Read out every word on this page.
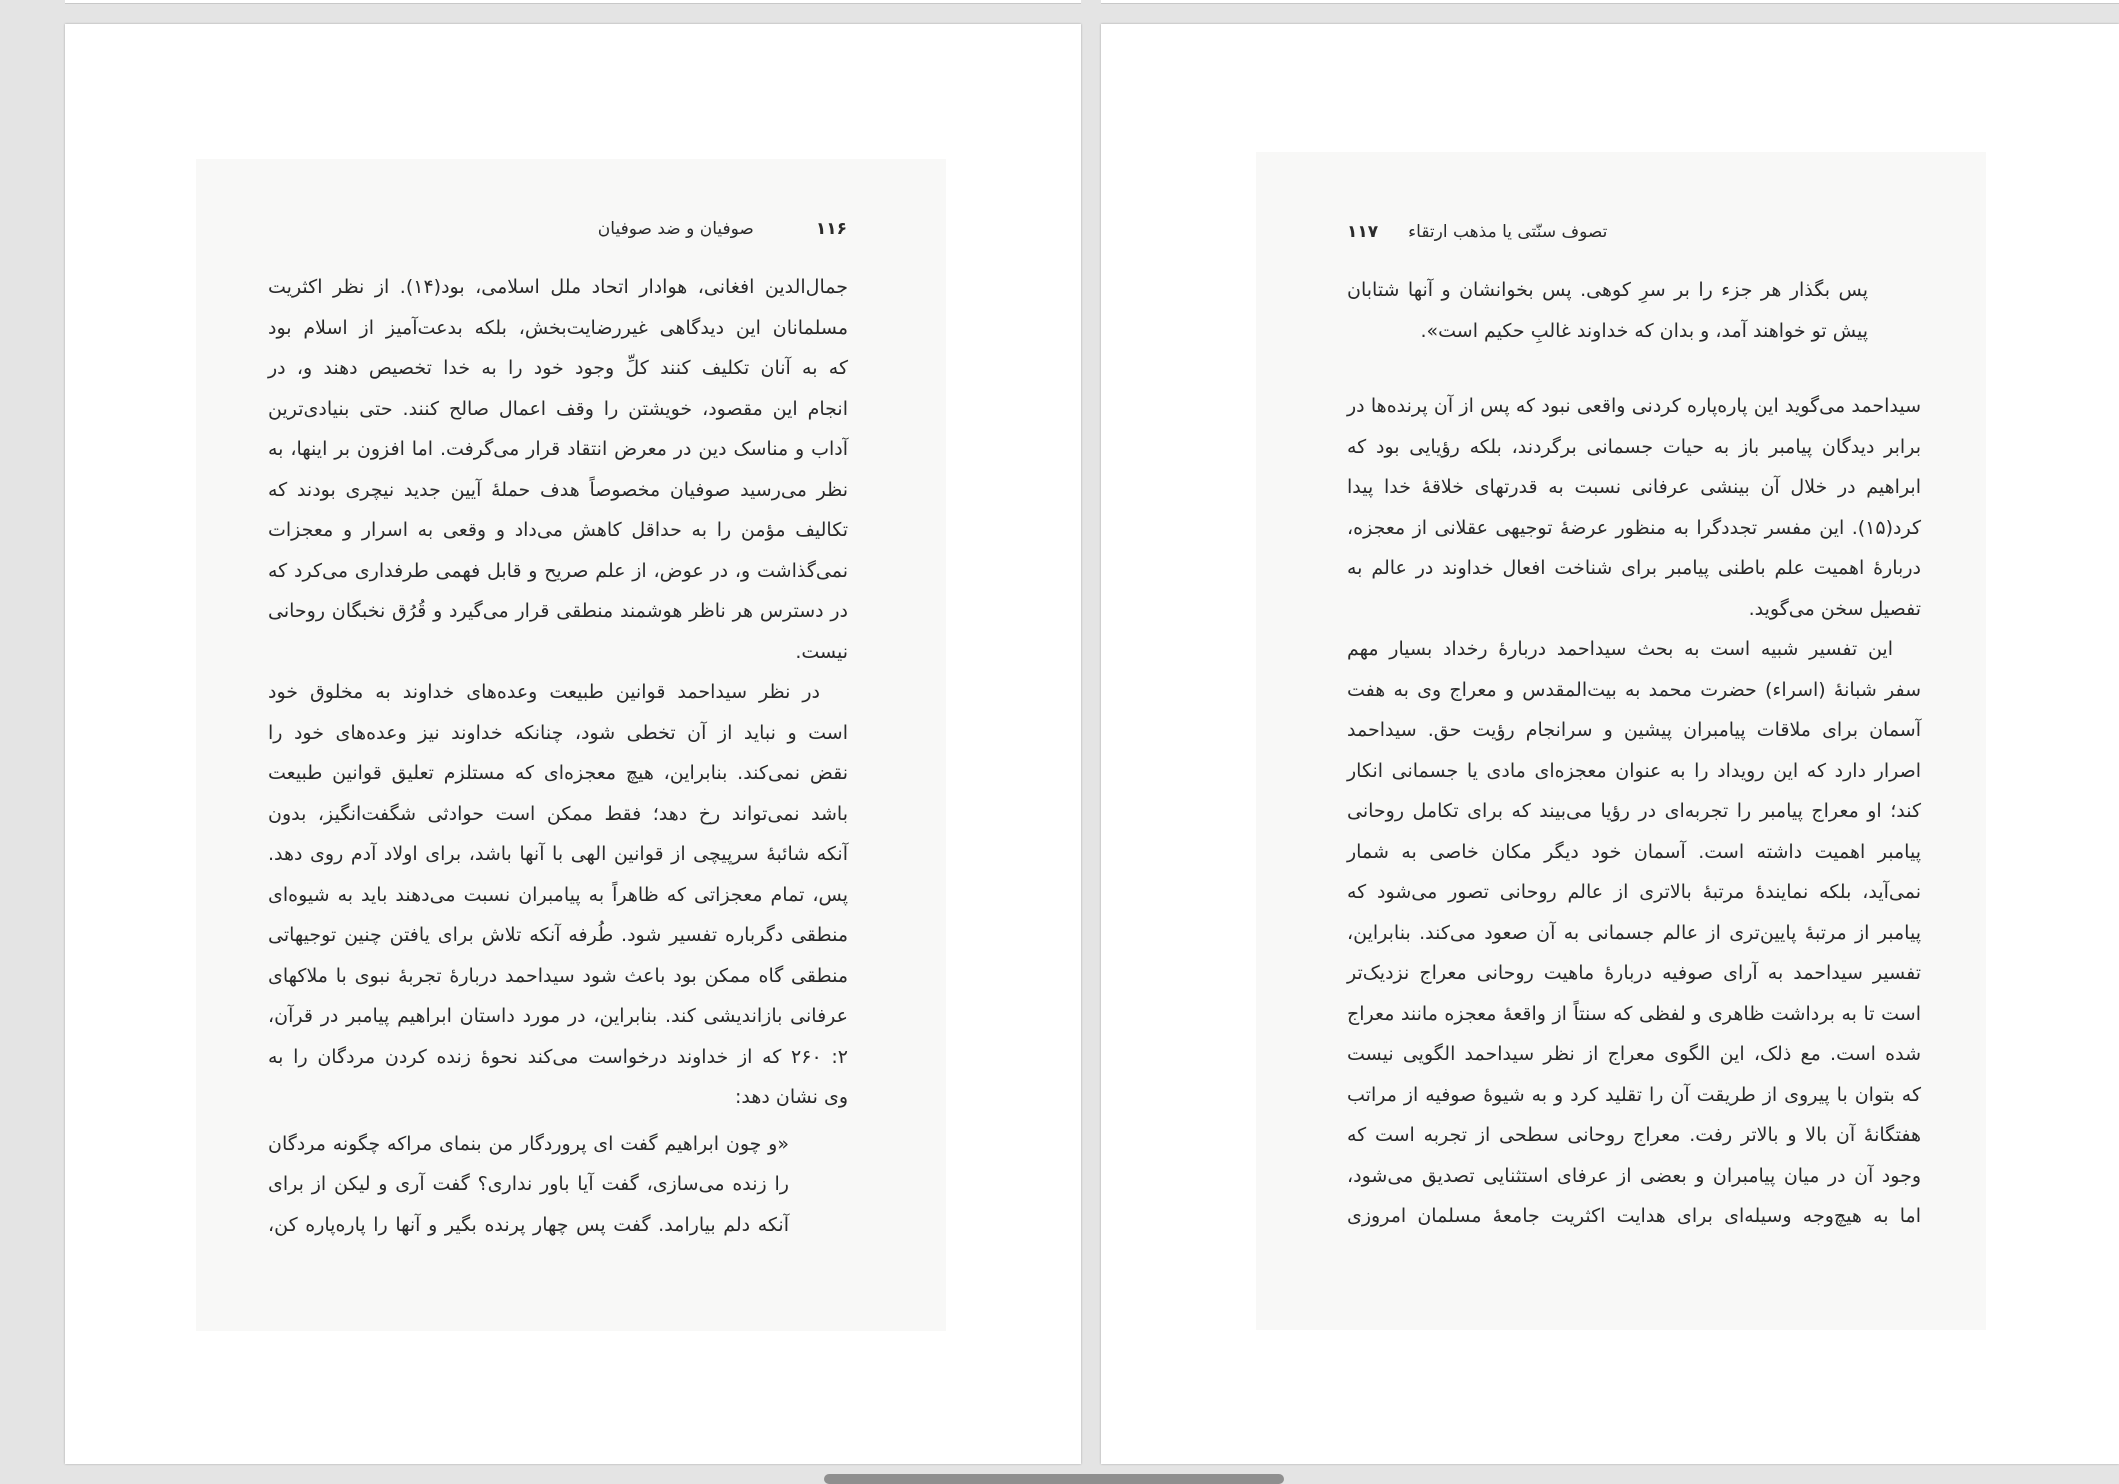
۱۱۶
صوفیان و ضد صوفیان
جمال‌الدین افغانی، هوادار اتحاد ملل اسلامی، بود(۱۴). از نظر اکثریت
مسلمانان این دیدگاهی غیررضایت‌بخش، بلکه بدعت‌آمیز از اسلام بود
که به آنان تکلیف کنند کلِّ وجود خود را به خدا تخصیص دهند و، در
انجام این مقصود، خویشتن را وقف اعمال صالح کنند. حتی بنیادی‌ترین
آداب و مناسک دین در معرض انتقاد قرار می‌گرفت. اما افزون بر اینها، به
نظر می‌رسید صوفیان مخصوصاً هدف حملهٔ آیین جدید نیچری بودند که
تکالیف مؤمن را به حداقل کاهش می‌داد و وقعی به اسرار و معجزات
نمی‌گذاشت و، در عوض، از علم صریح و قابل فهمی طرفداری می‌کرد که
در دسترس هر ناظر هوشمند منطقی قرار می‌گیرد و قُرُق نخبگان روحانی
نیست.
در نظر سیداحمد قوانین طبیعت وعده‌های خداوند به مخلوق خود
است و نباید از آن تخطی شود، چنانکه خداوند نیز وعده‌های خود را
نقض نمی‌کند. بنابراین، هیچ معجزه‌ای که مستلزم تعلیق قوانین طبیعت
باشد نمی‌تواند رخ دهد؛ فقط ممکن است حوادثی شگفت‌انگیز، بدون
آنکه شائبهٔ سرپیچی از قوانین الهی با آنها باشد، برای اولاد آدم روی دهد.
پس، تمام معجزاتی که ظاهراً به پیامبران نسبت می‌دهند باید به شیوه‌ای
منطقی دگرباره تفسیر شود. طُرفه آنکه تلاش برای یافتن چنین توجیهاتی
منطقی گاه ممکن بود باعث شود سیداحمد دربارهٔ تجربهٔ نبوی با ملاکهای
عرفانی بازاندیشی کند. بنابراین، در مورد داستان ابراهیم پیامبر در قرآن،
۲: ۲۶۰ که از خداوند درخواست می‌کند نحوهٔ زنده کردن مردگان را به
وی نشان دهد:
«و چون ابراهیم گفت ای پروردگار من بنمای مراکه چگونه مردگان
را زنده می‌سازی، گفت آیا باور نداری؟ گفت آری و لیکن از برای
آنکه دلم بیارامد. گفت پس چهار پرنده بگیر و آنها را پاره‌پاره کن،
تصوف سنّتی یا مذهب ارتقاء
۱۱۷
پس بگذار هر جزء را بر سرِ کوهی. پس بخوانشان و آنها شتابان
پیش تو خواهند آمد، و بدان که خداوند غالبِ حکیم است».
سیداحمد می‌گوید این پاره‌پاره کردنی واقعی نبود که پس از آن پرنده‌ها در
برابر دیدگان پیامبر باز به حیات جسمانی برگردند، بلکه رؤیایی بود که
ابراهیم در خلال آن بینشی عرفانی نسبت به قدرتهای خلاقهٔ خدا پیدا
کرد(۱۵). این مفسر تجددگرا به منظور عرضهٔ توجیهی عقلانی از معجزه،
دربارهٔ اهمیت علم باطنی پیامبر برای شناخت افعال خداوند در عالم به
تفصیل سخن می‌گوید.
این تفسیر شبیه است به بحث سیداحمد دربارهٔ رخداد بسیار مهم
سفر شبانهٔ (اسراء) حضرت محمد به بیت‌المقدس و معراج وی به هفت
آسمان برای ملاقات پیامبران پیشین و سرانجام رؤیت حق. سیداحمد
اصرار دارد که این رویداد را به عنوان معجزه‌ای مادی یا جسمانی انکار
کند؛ او معراج پیامبر را تجربه‌ای در رؤیا می‌بیند که برای تکامل روحانی
پیامبر اهمیت داشته است. آسمان خود دیگر مکان خاصی به شمار
نمی‌آید، بلکه نمایندهٔ مرتبهٔ بالاتری از عالم روحانی تصور می‌شود که
پیامبر از مرتبهٔ پایین‌تری از عالم جسمانی به آن صعود می‌کند. بنابراین،
تفسیر سیداحمد به آرای صوفیه دربارهٔ ماهیت روحانی معراج نزدیک‌تر
است تا به برداشت ظاهری و لفظی که سنتاً از واقعهٔ معجزه مانند معراج
شده است. مع ذلک، این الگوی معراج از نظر سیداحمد الگویی نیست
که بتوان با پیروی از طریقت آن را تقلید کرد و به شیوهٔ صوفیه از مراتب
هفتگانهٔ آن بالا و بالاتر رفت. معراج روحانی سطحی از تجربه است که
وجود آن در میان پیامبران و بعضی از عرفای استثنایی تصدیق می‌شود،
اما به هیچ‌وجه وسیله‌ای برای هدایت اکثریت جامعهٔ مسلمان امروزی
